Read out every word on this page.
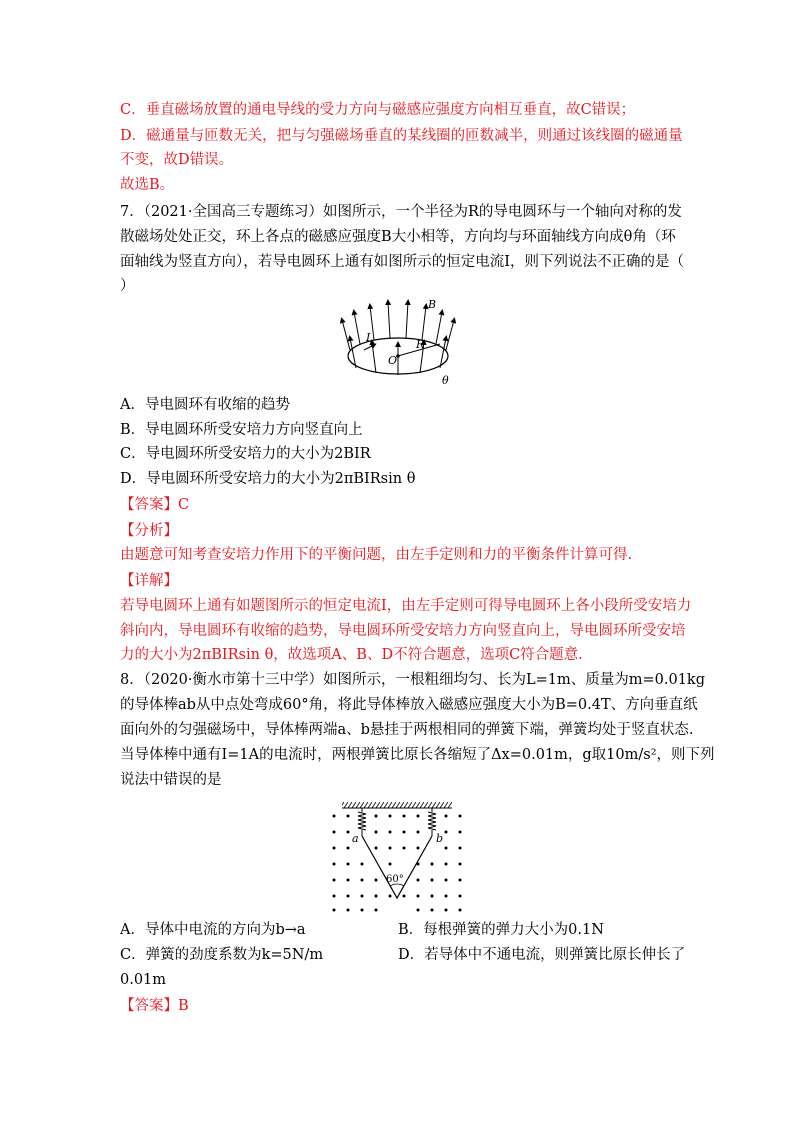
C．垂直磁场放置的通电导线的受力方向与磁感应强度方向相互垂直，故C错误；
D．磁通量与匝数无关，把与匀强磁场垂直的某线圈的匝数减半，则通过该线圈的磁通量
不变，故D错误。
故选B。
7．（2021·全国高三专题练习）如图所示，一个半径为R的导电圆环与一个轴向对称的发
散磁场处处正交，环上各点的磁感应强度B大小相等，方向均与环面轴线方向成θ角（环
面轴线为竖直方向），若导电圆环上通有如图所示的恒定电流I，则下列说法不正确的是（
）
B
I
O
R
θ
A．导电圆环有收缩的趋势
B．导电圆环所受安培力方向竖直向上
C．导电圆环所受安培力的大小为2BIR
D．导电圆环所受安培力的大小为2πBIRsin θ
【答案】C
【分析】
由题意可知考查安培力作用下的平衡问题，由左手定则和力的平衡条件计算可得.
【详解】
若导电圆环上通有如题图所示的恒定电流I，由左手定则可得导电圆环上各小段所受安培力
斜向内，导电圆环有收缩的趋势，导电圆环所受安培力方向竖直向上，导电圆环所受安培
力的大小为2πBIRsin θ，故选项A、B、D不符合题意，选项C符合题意.
8．（2020·衡水市第十三中学）如图所示，一根粗细均匀、长为L=1m、质量为m=0.01kg
的导体棒ab从中点处弯成60°角，将此导体棒放入磁感应强度大小为B=0.4T、方向垂直纸
面向外的匀强磁场中，导体棒两端a、b悬挂于两根相同的弹簧下端，弹簧均处于竖直状态.
当导体棒中通有I=1A的电流时，两根弹簧比原长各缩短了Δx=0.01m，g取10m/s²，则下列
说法中错误的是
a	b
60°
A．导体中电流的方向为b→a	B．每根弹簧的弹力大小为0.1N
C．弹簧的劲度系数为k=5N/m	D．若导体中不通电流，则弹簧比原长伸长了
0.01m
【答案】B
